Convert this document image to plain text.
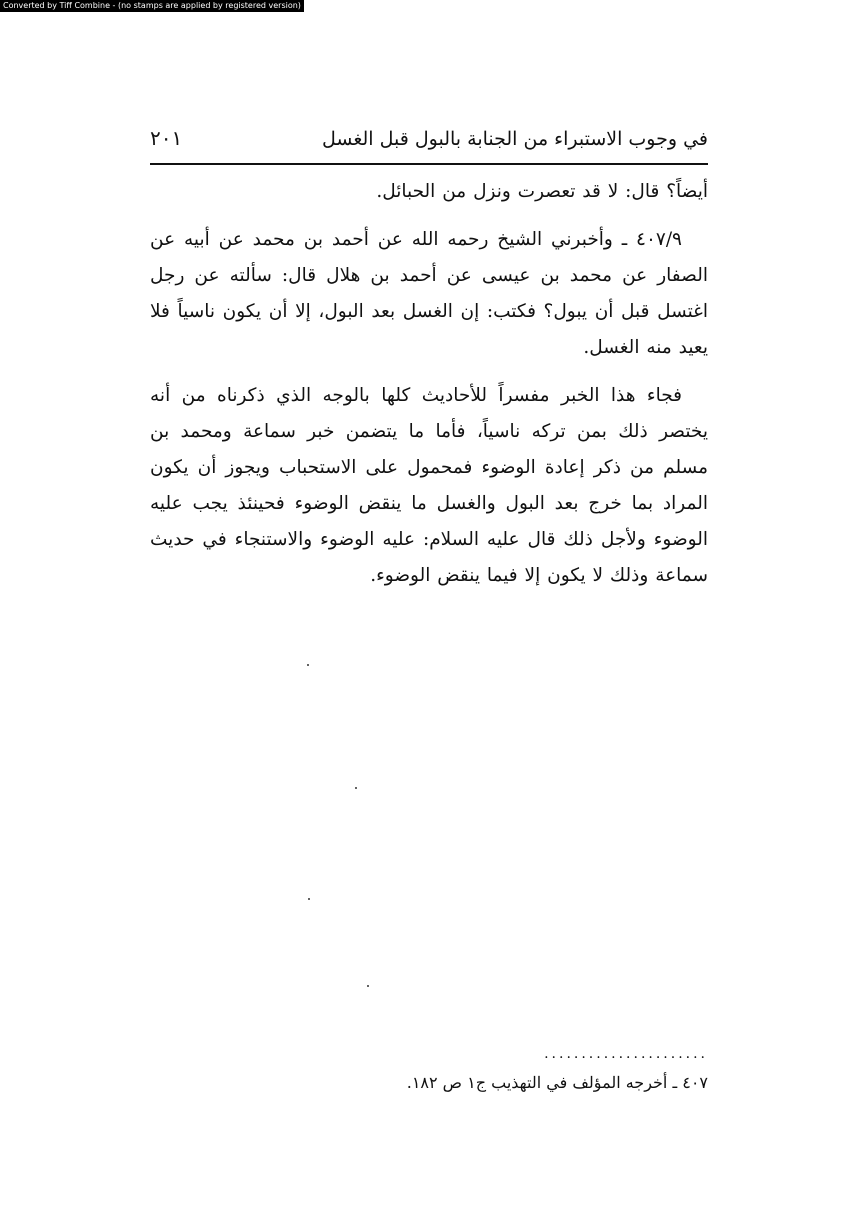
Converted by Tiff Combine - (no stamps are applied by registered version)
في وجوب الاستبراء من الجنابة بالبول قبل الغسل
٢٠١

أيضاً؟ قال: لا قد تعصرت ونزل من الحبائل.

٤٠٧/٩ ـ وأخبرني الشيخ رحمه الله عن أحمد بن محمد عن أبيه عن الصفار عن محمد بن عيسى عن أحمد بن هلال قال: سألته عن رجل اغتسل قبل أن يبول؟ فكتب: إن الغسل بعد البول، إلا أن يكون ناسياً فلا يعيد منه الغسل.

فجاء هذا الخبر مفسراً للأحاديث كلها بالوجه الذي ذكرناه من أنه يختصر ذلك بمن تركه ناسياً، فأما ما يتضمن خبر سماعة ومحمد بن مسلم من ذكر إعادة الوضوء فمحمول على الاستحباب ويجوز أن يكون المراد بما خرج بعد البول والغسل ما ينقض الوضوء فحينئذ يجب عليه الوضوء ولأجل ذلك قال عليه السلام: عليه الوضوء والاستنجاء في حديث سماعة وذلك لا يكون إلا فيما ينقض الوضوء.

......................
٤٠٧ ـ أخرجه المؤلف في التهذيب ج١ ص ١٨٢.
